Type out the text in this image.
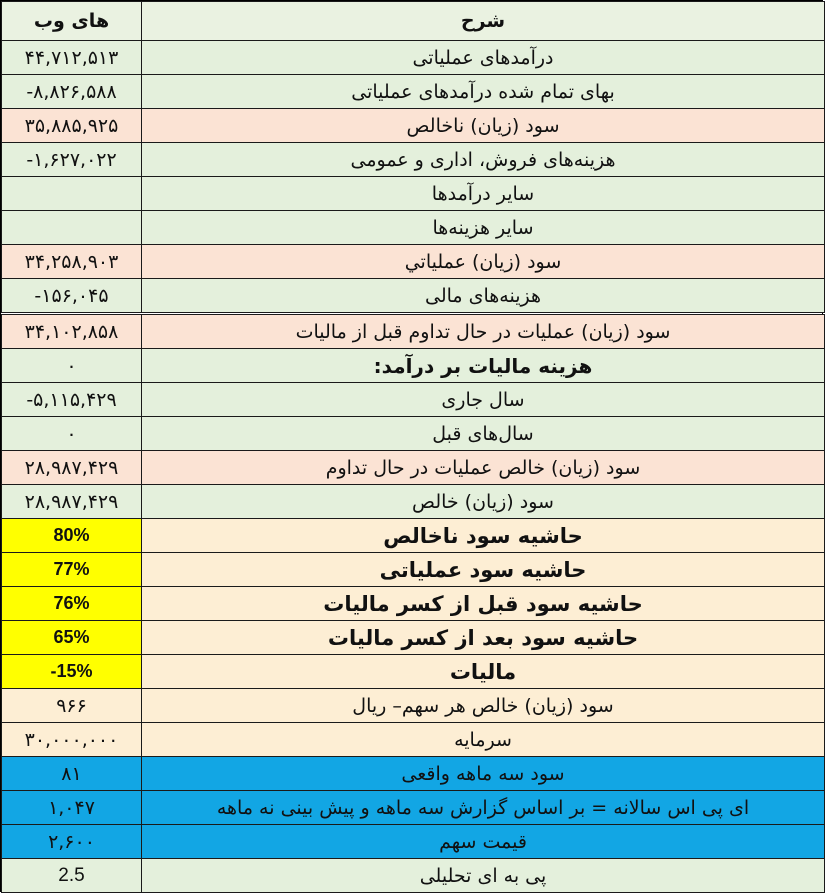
های وب	شرح
۴۴,۷۱۲,۵۱۳	درآمدهای عملیاتی
-۸,۸۲۶,۵۸۸	بهای تمام شده درآمدهای عملیاتی
۳۵,۸۸۵,۹۲۵	سود (زیان) ناخالص
-۱,۶۲۷,۰۲۲	هزینه‌های فروش، اداری و عمومی
	سایر درآمدها
	سایر هزینه‌ها
۳۴,۲۵۸,۹۰۳	سود (زیان) عملیاتي
-۱۵۶,۰۴۵	هزینه‌های مالی
۳۴,۱۰۲,۸۵۸	سود (زیان) عملیات در حال تداوم قبل از مالیات
۰	هزینه مالیات بر درآمد:
-۵,۱۱۵,۴۲۹	سال جاری
۰	سال‌های قبل
۲۸,۹۸۷,۴۲۹	سود (زیان) خالص عملیات در حال تداوم
۲۸,۹۸۷,۴۲۹	سود (زیان) خالص
80%	حاشیه سود ناخالص
77%	حاشیه سود عملیاتی
76%	حاشیه سود قبل از کسر مالیات
65%	حاشیه سود بعد از کسر مالیات
-15%	مالیات
۹۶۶	سود (زیان) خالص هر سهم– ریال
۳۰,۰۰۰,۰۰۰	سرمایه
۸۱	سود سه ماهه واقعی
۱,۰۴۷	ای پی اس سالانه = بر اساس گزارش سه ماهه و پیش بینی نه ماهه
۲,۶۰۰	قیمت سهم
2.5	پی به ای تحلیلی
